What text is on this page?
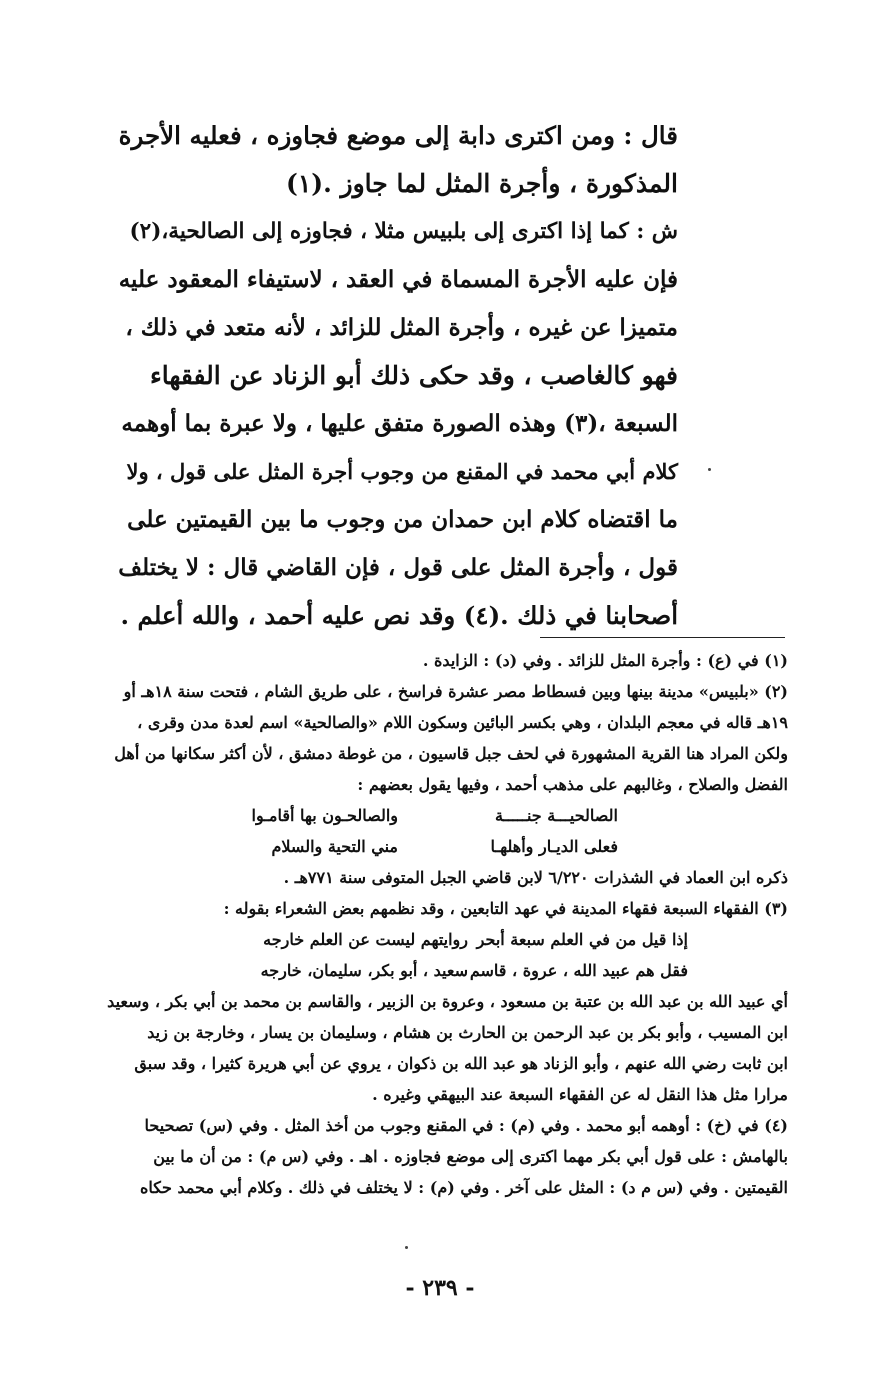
قال : ومن اكترى دابة إلى موضع فجاوزه ، فعليه الأجرة
المذكورة ، وأجرة المثل لما جاوز .(١)
ش : كما إذا اكترى إلى بلبيس مثلا ، فجاوزه إلى الصالحية،(٢)
فإن عليه الأجرة المسماة في العقد ، لاستيفاء المعقود عليه
متميزا عن غيره ، وأجرة المثل للزائد ، لأنه متعد في ذلك ،
فهو كالغاصب ، وقد حكى ذلك أبو الزناد عن الفقهاء
السبعة ،(٣) وهذه الصورة متفق عليها ، ولا عبرة بما أوهمه
كلام أبي محمد في المقنع من وجوب أجرة المثل على قول ، ولا
ما اقتضاه كلام ابن حمدان من وجوب ما بين القيمتين على
قول ، وأجرة المثل على قول ، فإن القاضي قال : لا يختلف
أصحابنا في ذلك .(٤) وقد نص عليه أحمد ، والله أعلم .
(١) في (ع) : وأجرة المثل للزائد . وفي (د) : الزايدة .
(٢) «بلبيس» مدينة بينها وبين فسطاط مصر عشرة فراسخ ، على طريق الشام ، فتحت سنة ١٨هـ أو
١٩هـ قاله في معجم البلدان ، وهي بكسر البائين وسكون اللام «والصالحية» اسم لعدة مدن وقرى ،
ولكن المراد هنا القرية المشهورة في لحف جبل قاسيون ، من غوطة دمشق ، لأن أكثر سكانها من أهل
الفضل والصلاح ، وغالبهم على مذهب أحمد ، وفيها يقول بعضهم :
الصالحيـــة جنـــــة
والصالحـون بها أقامـوا
فعلى الديـار وأهلهـا
مني التحية والسلام
ذكره ابن العماد في الشذرات ٦/٢٢٠ لابن قاضي الجبل المتوفى سنة ٧٧١هـ .
(٣) الفقهاء السبعة فقهاء المدينة في عهد التابعين ، وقد نظمهم بعض الشعراء بقوله :
إذا قيل من في العلم سبعة أبحر
روايتهم ليست عن العلم خارجه
فقل هم عبيد الله ، عروة ، قاسم
سعيد ، أبو بكر، سليمان، خارجه
أي عبيد الله بن عبد الله بن عتبة بن مسعود ، وعروة بن الزبير ، والقاسم بن محمد بن أبي بكر ، وسعيد
ابن المسيب ، وأبو بكر بن عبد الرحمن بن الحارث بن هشام ، وسليمان بن يسار ، وخارجة بن زيد
ابن ثابت رضي الله عنهم ، وأبو الزناد هو عبد الله بن ذكوان ، يروي عن أبي هريرة كثيرا ، وقد سبق
مرارا مثل هذا النقل له عن الفقهاء السبعة عند البيهقي وغيره .
(٤) في (خ) : أوهمه أبو محمد . وفي (م) : في المقنع وجوب من أخذ المثل . وفي (س) تصحيحا
بالهامش : على قول أبي بكر مهما اكترى إلى موضع فجاوزه . اهـ . وفي (س م) : من أن ما بين
القيمتين . وفي (س م د) : المثل على آخر . وفي (م) : لا يختلف في ذلك . وكلام أبي محمد حكاه
- ٢٣٩ -
